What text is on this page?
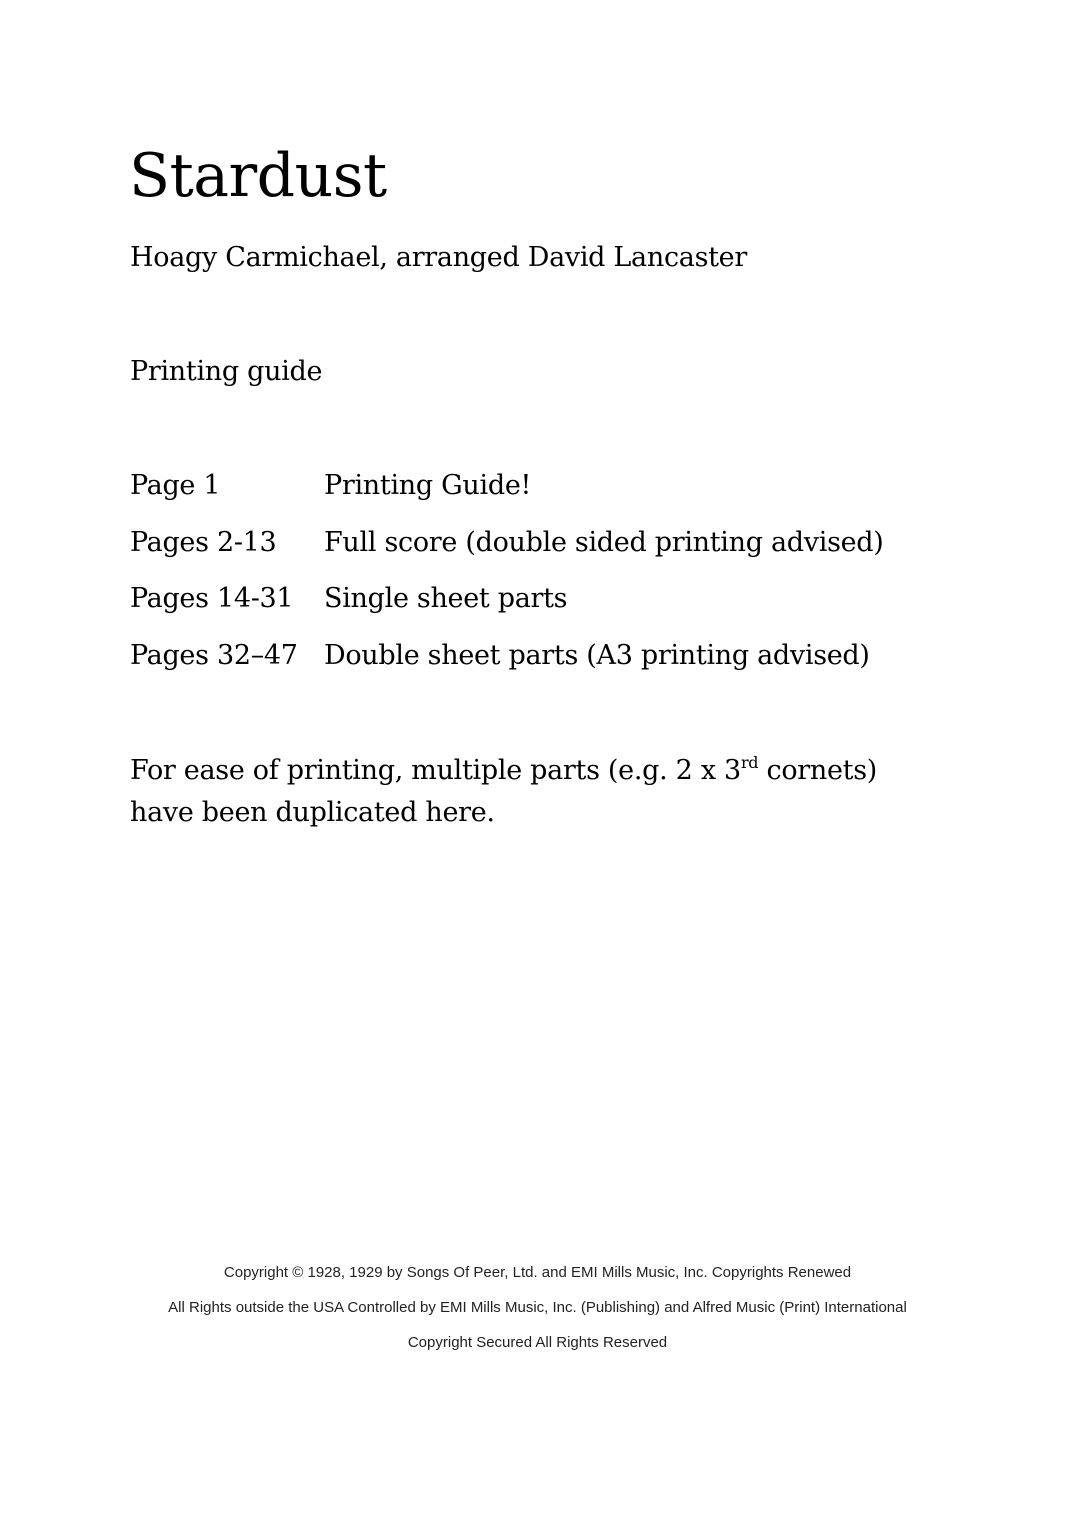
Stardust

Hoagy Carmichael, arranged David Lancaster

Printing guide
Page 1	Printing Guide!
Pages 2-13	Full score (double sided printing advised)
Pages 14-31	Single sheet parts
Pages 32–47 Double sheet parts (A3 printing advised)

For ease of printing, multiple parts (e.g. 2 x 3rd cornets) have been duplicated here.

Copyright © 1928, 1929 by Songs Of Peer, Ltd. and EMI Mills Music, Inc. Copyrights Renewed
All Rights outside the USA Controlled by EMI Mills Music, Inc. (Publishing) and Alfred Music (Print) International
Copyright Secured All Rights Reserved
